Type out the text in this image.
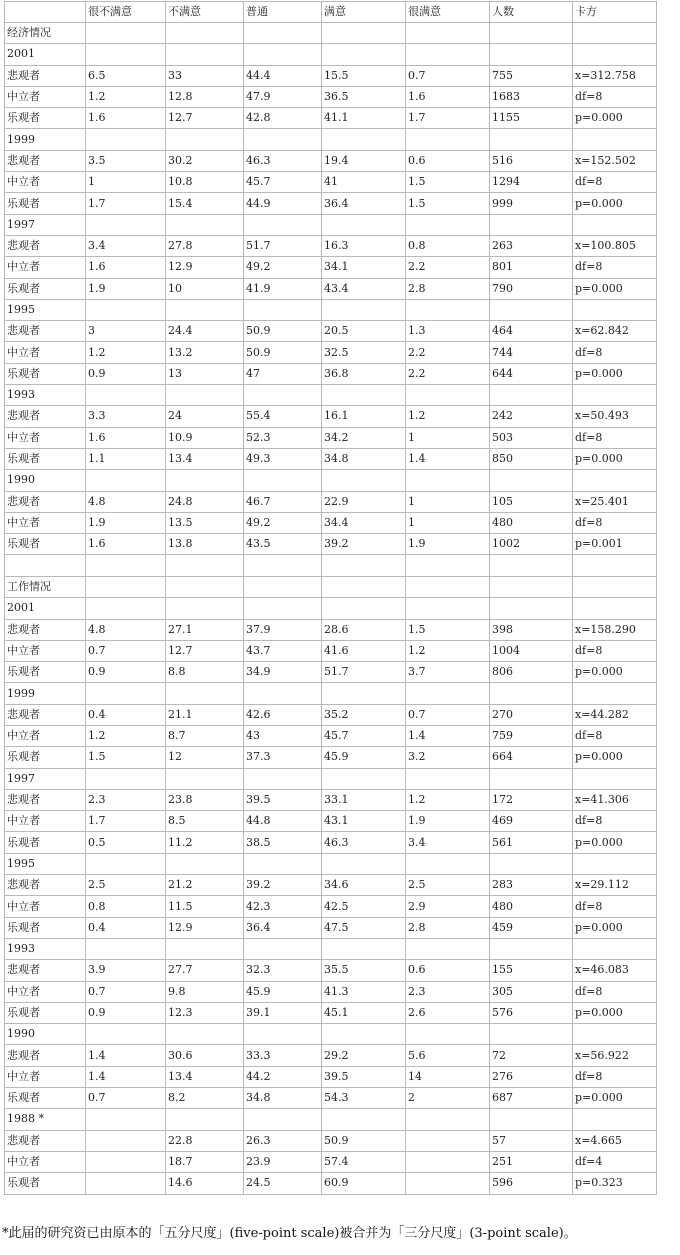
	很不满意	不满意	普通	满意	很满意	人数	卡方
经济情况							
2001							
悲观者	6.5	33	44.4	15.5	0.7	755	x=312.758
中立者	1.2	12.8	47.9	36.5	1.6	1683	df=8
乐观者	1.6	12.7	42.8	41.1	1.7	1155	p=0.000
1999							
悲观者	3.5	30.2	46.3	19.4	0.6	516	x=152.502
中立者	1	10.8	45.7	41	1.5	1294	df=8
乐观者	1.7	15.4	44.9	36.4	1.5	999	p=0.000
1997							
悲观者	3.4	27.8	51.7	16.3	0.8	263	x=100.805
中立者	1.6	12.9	49.2	34.1	2.2	801	df=8
乐观者	1.9	10	41.9	43.4	2.8	790	p=0.000
1995							
悲观者	3	24.4	50.9	20.5	1.3	464	x=62.842
中立者	1.2	13.2	50.9	32.5	2.2	744	df=8
乐观者	0.9	13	47	36.8	2.2	644	p=0.000
1993							
悲观者	3.3	24	55.4	16.1	1.2	242	x=50.493
中立者	1.6	10.9	52.3	34.2	1	503	df=8
乐观者	1.1	13.4	49.3	34.8	1.4	850	p=0.000
1990							
悲观者	4.8	24.8	46.7	22.9	1	105	x=25.401
中立者	1.9	13.5	49.2	34.4	1	480	df=8
乐观者	1.6	13.8	43.5	39.2	1.9	1002	p=0.001

工作情况							
2001							
悲观者	4.8	27.1	37.9	28.6	1.5	398	x=158.290
中立者	0.7	12.7	43.7	41.6	1.2	1004	df=8
乐观者	0.9	8.8	34.9	51.7	3.7	806	p=0.000
1999							
悲观者	0.4	21.1	42.6	35.2	0.7	270	x=44.282
中立者	1.2	8.7	43	45.7	1.4	759	df=8
乐观者	1.5	12	37.3	45.9	3.2	664	p=0.000
1997							
悲观者	2.3	23.8	39.5	33.1	1.2	172	x=41.306
中立者	1.7	8.5	44.8	43.1	1.9	469	df=8
乐观者	0.5	11.2	38.5	46.3	3.4	561	p=0.000
1995							
悲观者	2.5	21.2	39.2	34.6	2.5	283	x=29.112
中立者	0.8	11.5	42.3	42.5	2.9	480	df=8
乐观者	0.4	12.9	36.4	47.5	2.8	459	p=0.000
1993							
悲观者	3.9	27.7	32.3	35.5	0.6	155	x=46.083
中立者	0.7	9.8	45.9	41.3	2.3	305	df=8
乐观者	0.9	12.3	39.1	45.1	2.6	576	p=0.000
1990							
悲观者	1.4	30.6	33.3	29.2	5.6	72	x=56.922
中立者	1.4	13.4	44.2	39.5	14	276	df=8
乐观者	0.7	8.2	34.8	54.3	2	687	p=0.000
1988 *							
悲观者		22.8	26.3	50.9		57	x=4.665
中立者		18.7	23.9	57.4		251	df=4
乐观者		14.6	24.5	60.9		596	p=0.323
*此届的研究资已由原本的「五分尺度」(five-point scale)被合并为「三分尺度」(3-point scale)。
